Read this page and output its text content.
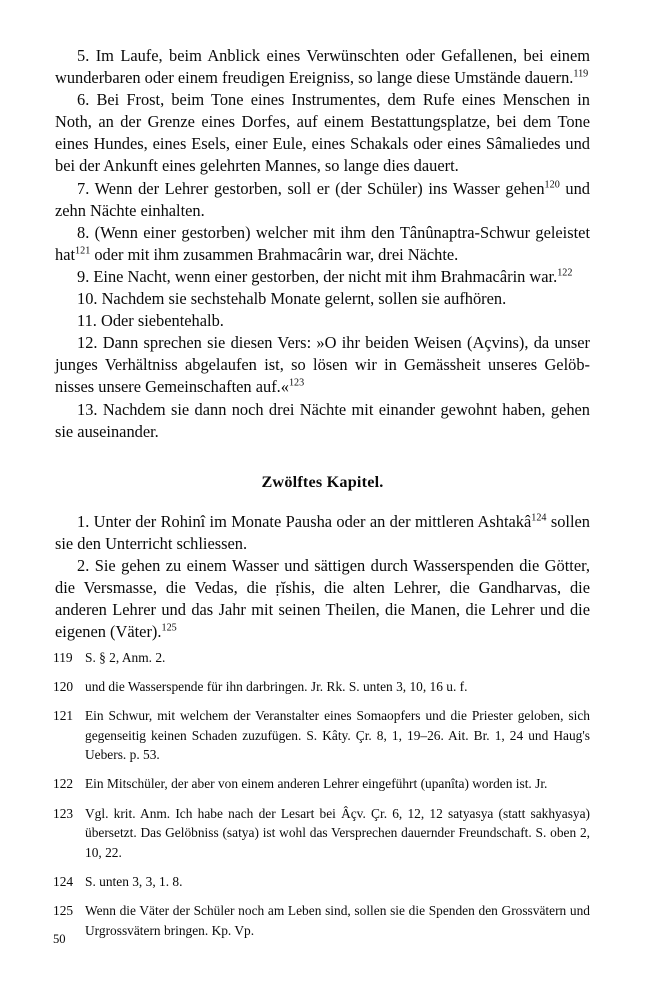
5. Im Laufe, beim Anblick eines Verwünschten oder Gefallenen, bei einem wunderbaren oder einem freudigen Ereigniss, so lange diese Umstände dauern.$^{119}$

6. Bei Frost, beim Tone eines Instrumentes, dem Rufe eines Menschen in Noth, an der Grenze eines Dorfes, auf einem Bestattungsplatze, bei dem Tone eines Hundes, eines Esels, einer Eule, eines Schakals oder eines Sâmaliedes und bei der Ankunft eines gelehrten Mannes, so lange dies dauert.

7. Wenn der Lehrer gestorben, soll er (der Schüler) ins Wasser gehen$^{120}$ und zehn Nächte einhalten.

8. (Wenn einer gestorben) welcher mit ihm den Tânûnaptra-Schwur geleistet hat$^{121}$ oder mit ihm zusammen Brahmacârin war, drei Nächte.

9. Eine Nacht, wenn einer gestorben, der nicht mit ihm Brahmacârin war.$^{122}$

10. Nachdem sie sechstehalb Monate gelernt, sollen sie aufhören.

11. Oder siebentehalb.

12. Dann sprechen sie diesen Vers: »O ihr beiden Weisen (Açvins), da unser junges Verhältniss abgelaufen ist, so lösen wir in Gemässheit unseres Gelöbnisses unsere Gemeinschaften auf.«$^{123}$

13. Nachdem sie dann noch drei Nächte mit einander gewohnt haben, gehen sie auseinander.

Zwölftes Kapitel.

1. Unter der Rohinî im Monate Pausha oder an der mittleren Ashtakâ$^{124}$ sollen sie den Unterricht schliessen.

2. Sie gehen zu einem Wasser und sättigen durch Wasserspenden die Götter, die Versmasse, die Vedas, die ṛĭshis, die alten Lehrer, die Gandharvas, die anderen Lehrer und das Jahr mit seinen Theilen, die Manen, die Lehrer und die eigenen (Väter).$^{125}$

119 S. § 2, Anm. 2.
120 und die Wasserspende für ihn darbringen. Jr. Rk. S. unten 3, 10, 16 u. f.
121 Ein Schwur, mit welchem der Veranstalter eines Somaopfers und die Priester geloben, sich gegenseitig keinen Schaden zuzufügen. S. Kâty. Çr. 8, 1, 19–26. Ait. Br. 1, 24 und Haug's Uebers. p. 53.
122 Ein Mitschüler, der aber von einem anderen Lehrer eingeführt (upanîta) worden ist. Jr.
123 Vgl. krit. Anm. Ich habe nach der Lesart bei Âçv. Çr. 6, 12, 12 satyasya (statt sakhyasya) übersetzt. Das Gelöbniss (satya) ist wohl das Versprechen dauernder Freundschaft. S. oben 2, 10, 22.
124 S. unten 3, 3, 1. 8.
125 Wenn die Väter der Schüler noch am Leben sind, sollen sie die Spenden den Grossvätern und Urgrossvätern bringen. Kp. Vp.
50
